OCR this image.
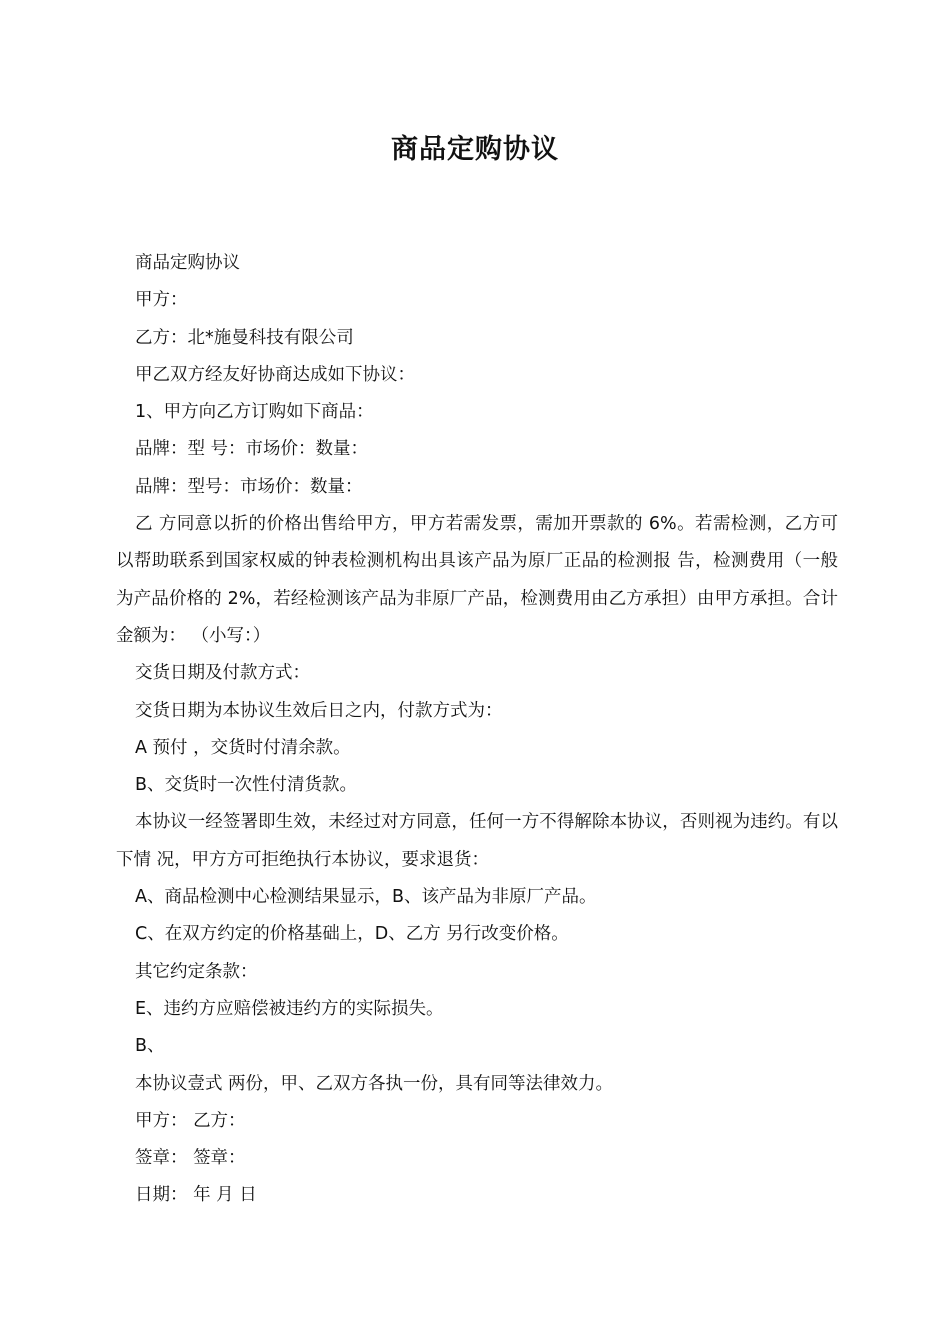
商品定购协议
商品定购协议
甲方：
乙方：北*施曼科技有限公司
甲乙双方经友好协商达成如下协议：
1、甲方向乙方订购如下商品：
品牌：型 号：市场价：数量：
品牌：型号：市场价：数量：
乙 方同意以折的价格出售给甲方，甲方若需发票，需加开票款的 6%。若需检测，乙方可以帮助联系到国家权威的钟表检测机构出具该产品为原厂正品的检测报 告，检测费用（一般为产品价格的 2%，若经检测该产品为非原厂产品，检测费用由乙方承担）由甲方承担。合计金额为： （小写：）
交货日期及付款方式：
交货日期为本协议生效后日之内，付款方式为：
A 预付 ，交货时付清余款。
B、交货时一次性付清货款。
本协议一经签署即生效，未经过对方同意，任何一方不得解除本协议，否则视为违约。有以下情 况，甲方方可拒绝执行本协议，要求退货：
A、商品检测中心检测结果显示，B、该产品为非原厂产品。
C、在双方约定的价格基础上，D、乙方 另行改变价格。
其它约定条款：
E、违约方应赔偿被违约方的实际损失。
B、
本协议壹式 两份，甲、乙双方各执一份，具有同等法律效力。
甲方： 乙方：
签章： 签章：
日期： 年 月 日
